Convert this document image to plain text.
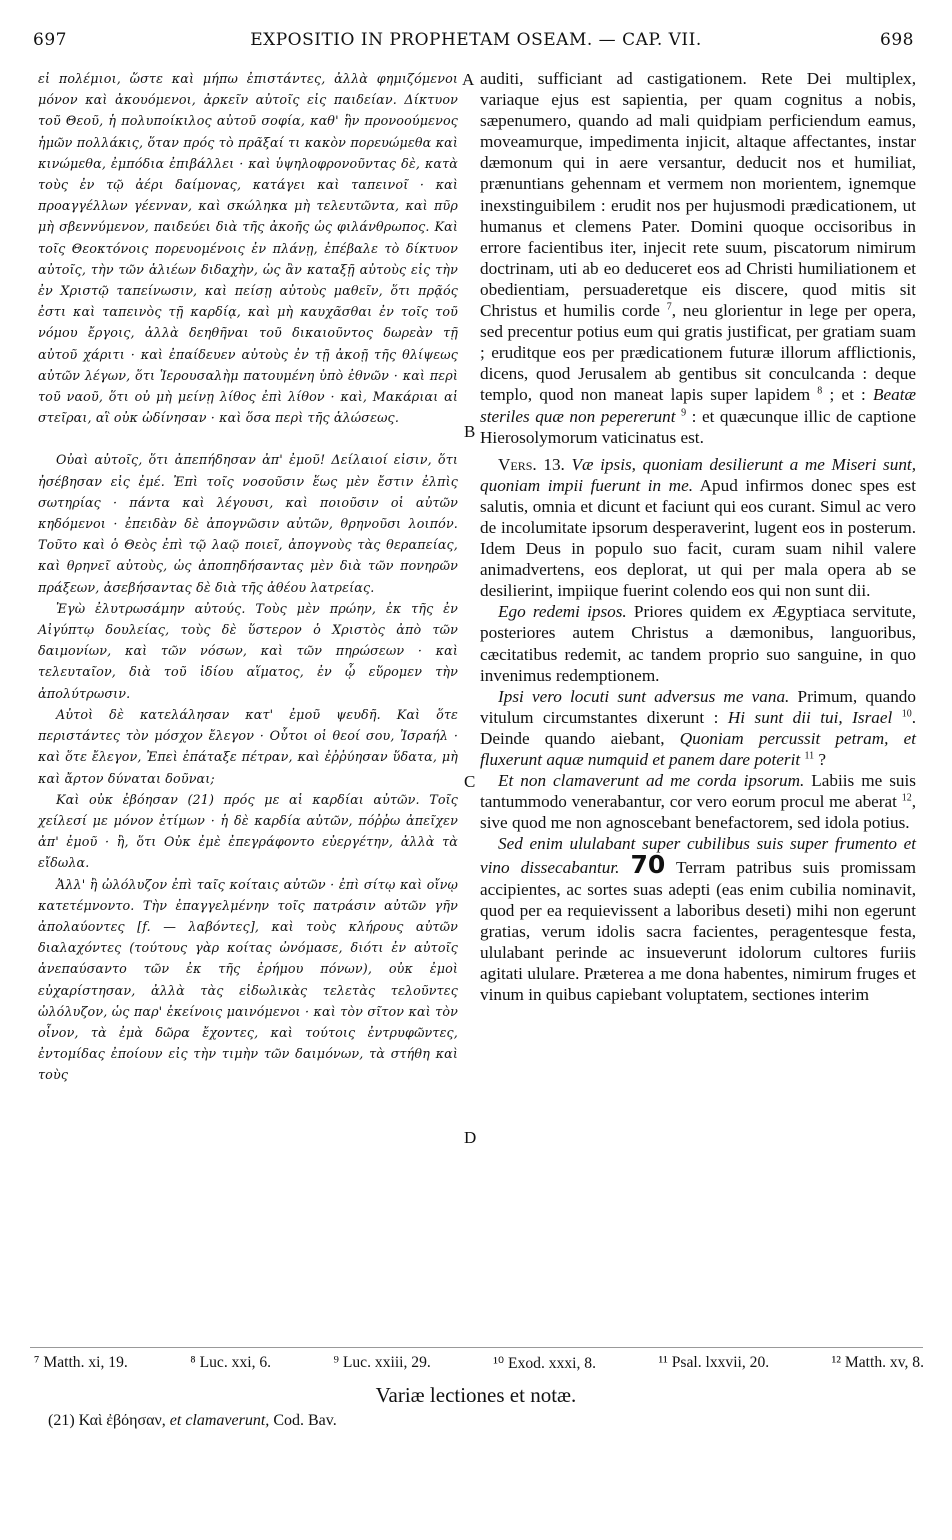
697	EXPOSITIO IN PROPHETAM OSEAM. — CAP. VII.	698
A
B
C
D

εἰ πολέμιοι, ὥστε καὶ μήπω ἐπιστάντες, ἀλλὰ φημιζόμενοι μόνον καὶ ἀκουόμενοι, ἀρκεῖν αὐτοῖς εἰς παιδείαν. Δίκτυον τοῦ Θεοῦ, ἡ πολυποίκιλος αὐτοῦ σοφία, καθ' ἣν προνοούμενος ἡμῶν πολλάκις, ὅταν πρός τὸ πρᾶξαί τι κακὸν πορευώμεθα καὶ κινώμεθα, ἐμπόδια ἐπιβάλλει · καὶ ὑψηλοφρονοῦντας δὲ, κατὰ τοὺς ἐν τῷ ἀέρι δαίμονας, κατάγει καὶ ταπεινοῖ · καὶ προαγγέλλων γέενναν, καὶ σκώληκα μὴ τελευτῶντα, καὶ πῦρ μὴ σβεννύμενον, παιδεύει διὰ τῆς ἀκοῆς ὡς φιλάνθρωπος. Καὶ τοῖς Θεοκτόνοις πορευομένοις ἐν πλάνῃ, ἐπέβαλε τὸ δίκτυον αὐτοῖς, τὴν τῶν ἁλιέων διδαχὴν, ὡς ἂν καταξῇ αὐτοὺς εἰς τὴν ἐν Χριστῷ ταπείνωσιν, καὶ πείσῃ αὐτοὺς μαθεῖν, ὅτι πρᾷός ἐστι καὶ ταπεινὸς τῇ καρδίᾳ, καὶ μὴ καυχᾶσθαι ἐν τοῖς τοῦ νόμου ἔργοις, ἀλλὰ δεηθῆναι τοῦ δικαιοῦντος δωρεὰν τῇ αὐτοῦ χάριτι · καὶ ἐπαίδευεν αὐτοὺς ἐν τῇ ἀκοῇ τῆς θλίψεως αὐτῶν λέγων, ὅτι Ἱερουσαλὴμ πατουμένη ὑπὸ ἐθνῶν · καὶ περὶ τοῦ ναοῦ, ὅτι οὐ μὴ μείνῃ λίθος ἐπὶ λίθον · καὶ, Μακάριαι αἱ στεῖραι, αἳ οὐκ ὠδίνησαν · καὶ ὅσα περὶ τῆς ἁλώσεως.

Οὐαὶ αὐτοῖς, ὅτι ἀπεπήδησαν ἀπ' ἐμοῦ! Δείλαιοί εἰσιν, ὅτι ἠσέβησαν εἰς ἐμέ. Ἐπὶ τοῖς νοσοῦσιν ἕως μὲν ἔστιν ἐλπὶς σωτηρίας · πάντα καὶ λέγουσι, καὶ ποιοῦσιν οἱ αὐτῶν κηδόμενοι · ἐπειδὰν δὲ ἀπογνῶσιν αὐτῶν, θρηνοῦσι λοιπόν. Τοῦτο καὶ ὁ Θεὸς ἐπὶ τῷ λαῷ ποιεῖ, ἀπογνοὺς τὰς θεραπείας, καὶ θρηνεῖ αὐτοὺς, ὡς ἀποπηδήσαντας μὲν διὰ τῶν πονηρῶν πράξεων, ἀσεβήσαντας δὲ διὰ τῆς ἀθέου λατρείας.

Ἐγὼ ἐλυτρωσάμην αὐτούς. Τοὺς μὲν πρώην, ἐκ τῆς ἐν Αἰγύπτῳ δουλείας, τοὺς δὲ ὕστερον ὁ Χριστὸς ἀπὸ τῶν δαιμονίων, καὶ τῶν νόσων, καὶ τῶν πηρώσεων · καὶ τελευταῖον, διὰ τοῦ ἰδίου αἵματος, ἐν ᾧ εὕρομεν τὴν ἀπολύτρωσιν.

Αὐτοὶ δὲ κατελάλησαν κατ' ἐμοῦ ψευδῆ. Καὶ ὅτε περιστάντες τὸν μόσχον ἔλεγον · Οὗτοι οἱ θεοί σου, Ἰσραήλ · καὶ ὅτε ἔλεγον, Ἐπεὶ ἐπάταξε πέτραν, καὶ ἐῤῥύησαν ὕδατα, μὴ καὶ ἄρτον δύναται δοῦναι;

Καὶ οὐκ ἐβόησαν (21) πρός με αἱ καρδίαι αὐτῶν. Τοῖς χείλεσί με μόνον ἐτίμων · ἡ δὲ καρδία αὐτῶν, πόῤῥω ἀπεῖχεν ἀπ' ἐμοῦ · ἢ, ὅτι Οὐκ ἐμὲ ἐπεγράφοντο εὐεργέτην, ἀλλὰ τὰ εἴδωλα.

Ἀλλ' ἢ ὠλόλυζον ἐπὶ ταῖς κοίταις αὐτῶν · ἐπὶ σίτῳ καὶ οἴνῳ κατετέμνοντο. Τὴν ἐπαγγελμένην τοῖς πατράσιν αὐτῶν γῆν ἀπολαύοντες [f. — λαβόντες], καὶ τοὺς κλήρους αὐτῶν διαλαχόντες (τούτους γὰρ κοίτας ὠνόμασε, διότι ἐν αὐτοῖς ἀνεπαύσαντο τῶν ἐκ τῆς ἐρήμου πόνων), οὐκ ἐμοὶ εὐχαρίστησαν, ἀλλὰ τὰς εἰδωλικὰς τελετὰς τελοῦντες ὠλόλυζον, ὡς παρ' ἐκείνοις μαινόμενοι · καὶ τὸν σῖτον καὶ τὸν οἶνον, τὰ ἐμὰ δῶρα ἔχοντες, καὶ τούτοις ἐντρυφῶντες, ἐντομίδας ἐποίουν εἰς τὴν τιμὴν τῶν δαιμόνων, τὰ στήθη καὶ τοὺς

auditi, sufficiant ad castigationem. Rete Dei multiplex, variaque ejus est sapientia, per quam cognitus a nobis, sæpenumero, quando ad mali quidpiam perficiendum eamus, moveamurque, impedimenta injicit, altaque affectantes, instar dæmonum qui in aere versantur, deducit nos et humiliat, prænuntians gehennam et vermem non morientem, ignemque inexstinguibilem : erudit nos per hujusmodi prædicationem, ut humanus et clemens Pater. Domini quoque occisoribus in errore facientibus iter, injecit rete suum, piscatorum nimirum doctrinam, uti ab eo deduceret eos ad Christi humiliationem et obedientiam, persuaderetque eis discere, quod mitis sit Christus et humilis corde $^7$, neu glorientur in lege per opera, sed precentur potius eum qui gratis justificat, per gratiam suam ; eruditque eos per prædicationem futuræ illorum afflictionis, dicens, quod Jerusalem ab gentibus sit conculcanda : deque templo, quod non maneat lapis super lapidem $^8$ ; et : Beatæ steriles quæ non pepererunt $^9$ : et quæcunque illic de captione Hierosolymorum vaticinatus est.

Vers. 13. Væ ipsis, quoniam desilierunt a me Miseri sunt, quoniam impii fuerunt in me. Apud infirmos donec spes est salutis, omnia et dicunt et faciunt qui eos curant. Simul ac vero de incolumitate ipsorum desperaverint, lugent eos in posterum. Idem Deus in populo suo facit, curam suam nihil valere animadvertens, eos deplorat, ut qui per mala opera ab se desilierint, impiique fuerint colendo eos qui non sunt dii.

Ego redemi ipsos. Priores quidem ex Ægyptiaca servitute, posteriores autem Christus a dæmonibus, languoribus, cæcitatibus redemit, ac tandem proprio suo sanguine, in quo invenimus redemptionem.

Ipsi vero locuti sunt adversus me vana. Primum, quando vitulum circumstantes dixerunt : Hi sunt dii tui, Israel $^{10}$. Deinde quando aiebant, Quoniam percussit petram, et fluxerunt aquæ numquid et panem dare poterit $^{11}$ ?

Et non clamaverunt ad me corda ipsorum. Labiis me suis tantummodo venerabantur, cor vero eorum procul me aberat $^{12}$, sive quod me non agnoscebant benefactorem, sed idola potius.

Sed enim ululabant super cubilibus suis super frumento et vino dissecabantur. 70 Terram patribus suis promissam accipientes, ac sortes suas adepti (eas enim cubilia nominavit, quod per ea requievissent a laboribus deseti) mihi non egerunt gratias, verum idolis sacra facientes, peragentesque festa, ululabant perinde ac insueverunt idolorum cultores furiis agitati ululare. Præterea a me dona habentes, nimirum fruges et vinum in quibus capiebant voluptatem, sectiones interim

⁷ Matth. xi, 19.	⁸ Luc. xxi, 6.	⁹ Luc. xxiii, 29.	¹⁰ Exod. xxxi, 8.	¹¹ Psal. lxxvii, 20.	¹² Matth. xv, 8.
Variæ lectiones et notæ.
(21) Καὶ ἐβόησαν, et clamaverunt, Cod. Bav.
